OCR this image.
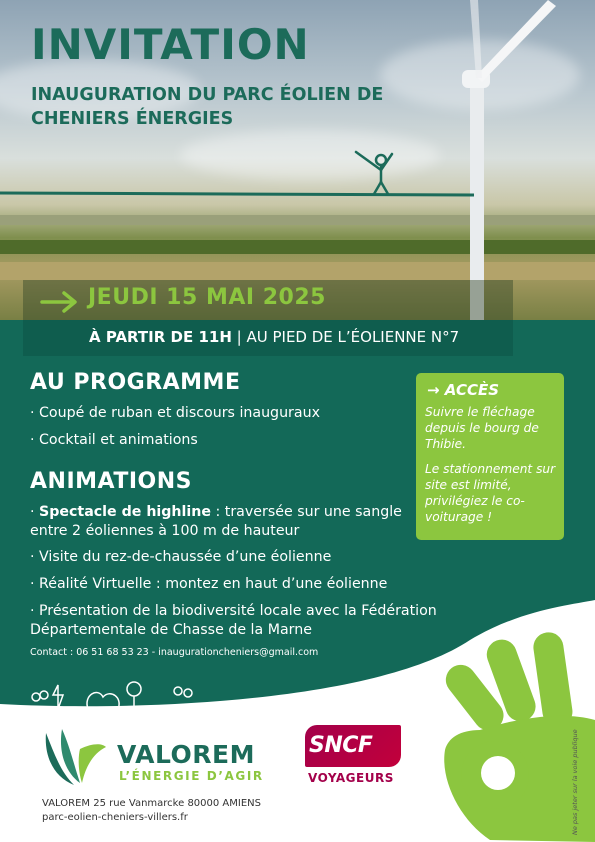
INVITATION

INAUGURATION DU PARC ÉOLIEN DE CHENIERS ÉNERGIES

JEUDI 15 MAI 2025
À PARTIR DE 11H | AU PIED DE L’ÉOLIENNE N°7
AU PROGRAMME
· Coupé de ruban et discours inauguraux
· Cocktail et animations
ANIMATIONS
· Spectacle de highline : traversée sur une sangle entre 2 éoliennes à 100 m de hauteur
· Visite du rez-de-chaussée d’une éolienne
· Réalité Virtuelle : montez en haut d’une éolienne
· Présentation de la biodiversité locale avec la Fédération Départementale de Chasse de la Marne
→ ACCÈS
Suivre le fléchage depuis le bourg de Thibie.
Le stationnement sur site est limité, privilégiez le co-voiturage !
Contact : 06 51 68 53 23 - inaugurationcheniers@gmail.com
VALOREM
L’ÉNERGIE D’AGIR
SNCF
VOYAGEURS
VALOREM 25 rue Vanmarcke 80000 AMIENS
parc-eolien-cheniers-villers.fr	Ne pas jeter sur la voie publique
